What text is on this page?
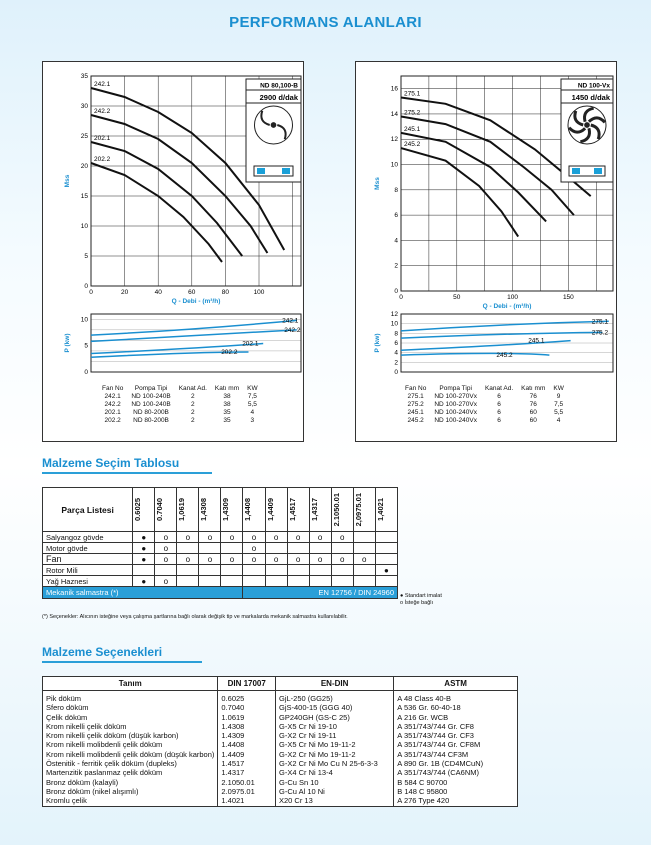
PERFORMANS ALANLARI
0
5
10
15
20
25
30
35
0	20	40	60	80	100
Q - Debi - (m³/h)
Mss
242.1
242.2
202.1
202.2
ND 80,100-B
2900 d/dak
0
5
10
P (kw)
242.1
242.2
202.1
202.2
Fan No	Pompa Tipi	Kanat Ad.	Katı mm	KW
242.1	ND 100-240B	2	38	7,5
242.2	ND 100-240B	2	38	5,5
202.1	ND 80-200B	2	35	4
202.2	ND 80-200B	2	35	3
0
2
4
6
8
10
12
14
16
0	50	100	150
Q - Debi - (m³/h)
Mss
275.1
275.2
245.1
245.2
ND 100-Vx
1450 d/dak
0
2
4
6
8
10
12
P (kw)
275.1
275.2
245.1
245.2
Fan No	Pompa Tipi	Kanat Ad.	Katı mm	KW
275.1	ND 100-270Vx	6	76	9
275.2	ND 100-270Vx	6	76	7,5
245.1	ND 100-240Vx	6	60	5,5
245.2	ND 100-240Vx	6	60	4
Malzeme Seçim Tablosu
Parça Listesi	0.6025	0.7040	1,0619	1,4308	1,4309	1,4408	1,4409	1,4517	1,4317	2.1050.01	2,0975.01	1,4021

Salyangoz gövde	●	o	o	o	o	o	o	o	o	o		
Motor gövde	●	o				o						
Fan	●	o	o	o	o	o	o	o	o	o	o	
Rotor Mili												●
Yağ Haznesi	●	o										
Mekanik salmastra (*)						EN 12756 / DIN 24960						● Standart imalat
o İsteğe bağlı
(*) Seçenekler: Alıcının isteğine veya çalışma şartlarına bağlı olarak değişik tip ve markalarda mekanik salmastra kullanılabilir.
Malzeme Seçenekleri
Tanım	DIN 17007	EN-DIN	ASTM
Pik döküm	0.6025	GjL-250 (GG25)	A 48 Class 40-B
Sfero döküm	0.7040	GjS-400-15 (GGG 40)	A 536 Gr. 60-40-18
Çelik döküm	1.0619	GP240GH (GS-C 25)	A 216 Gr. WCB
Krom nikelli çelik döküm	1.4308	G-X5 Cr Ni 19-10	A 351/743/744 Gr. CF8
Krom nikelli çelik döküm (düşük karbon)	1.4309	G-X2 Cr Ni 19-11	A 351/743/744 Gr. CF3
Krom nikelli molibdenli çelik döküm	1.4408	G-X5 Cr Ni Mo 19-11-2	A 351/743/744 Gr. CF8M
Krom nikelli molibdenli çelik döküm (düşük karbon)	1.4409	G-X2 Cr Ni Mo 19-11-2	A 351/743/744 CF3M
Östenitik - ferritik çelik döküm (dupleks)	1.4517	G-X2 Cr Ni Mo Cu N 25-6-3-3	A 890 Gr. 1B (CD4MCuN)
Martenzitik paslanmaz çelik döküm	1.4317	G-X4 Cr Ni 13-4	A 351/743/744 (CA6NM)
Bronz döküm (kalayli)	2.1050.01	G-Cu Sn 10	B 584 C 90700
Bronz döküm (nikel alışımlı)	2.0975.01	G-Cu Al 10 Ni	B 148 C 95800
Kromlu çelik	1.4021	X20 Cr 13	A 276 Type 420
